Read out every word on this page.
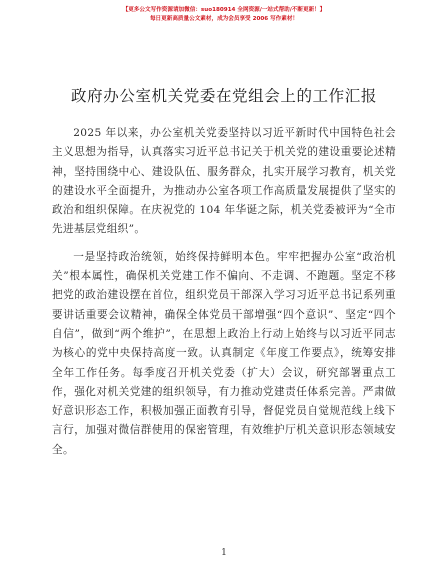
【更多公文写作资源请加微信：suo180914 全网资源/一站式帮助/不断更新！】
每日更新高质量公文素材，成为会员享受 2006 写作素材！
政府办公室机关党委在党组会上的工作汇报

2025 年以来，办公室机关党委坚持以习近平新时代中国特色社会主义思想为指导，认真落实习近平总书记关于机关党的建设重要论述精神，坚持围绕中心、建设队伍、服务群众，扎实开展学习教育，机关党的建设水平全面提升，为推动办公室各项工作高质量发展提供了坚实的政治和组织保障。在庆祝党的 104 年华诞之际，机关党委被评为“全市先进基层党组织”。

一是坚持政治统领，始终保持鲜明本色。牢牢把握办公室“政治机关”根本属性，确保机关党建工作不偏向、不走调、不跑题。坚定不移把党的政治建设摆在首位，组织党员干部深入学习习近平总书记系列重要讲话重要会议精神，确保全体党员干部增强“四个意识”、坚定“四个自信”，做到“两个维护”，在思想上政治上行动上始终与以习近平同志为核心的党中央保持高度一致。认真制定《年度工作要点》，统筹安排全年工作任务。每季度召开机关党委（扩大）会议，研究部署重点工作，强化对机关党建的组织领导，有力推动党建责任体系完善。严肃做好意识形态工作，积极加强正面教育引导，督促党员自觉规范线上线下言行，加强对微信群使用的保密管理，有效维护厅机关意识形态领域安全。

1
